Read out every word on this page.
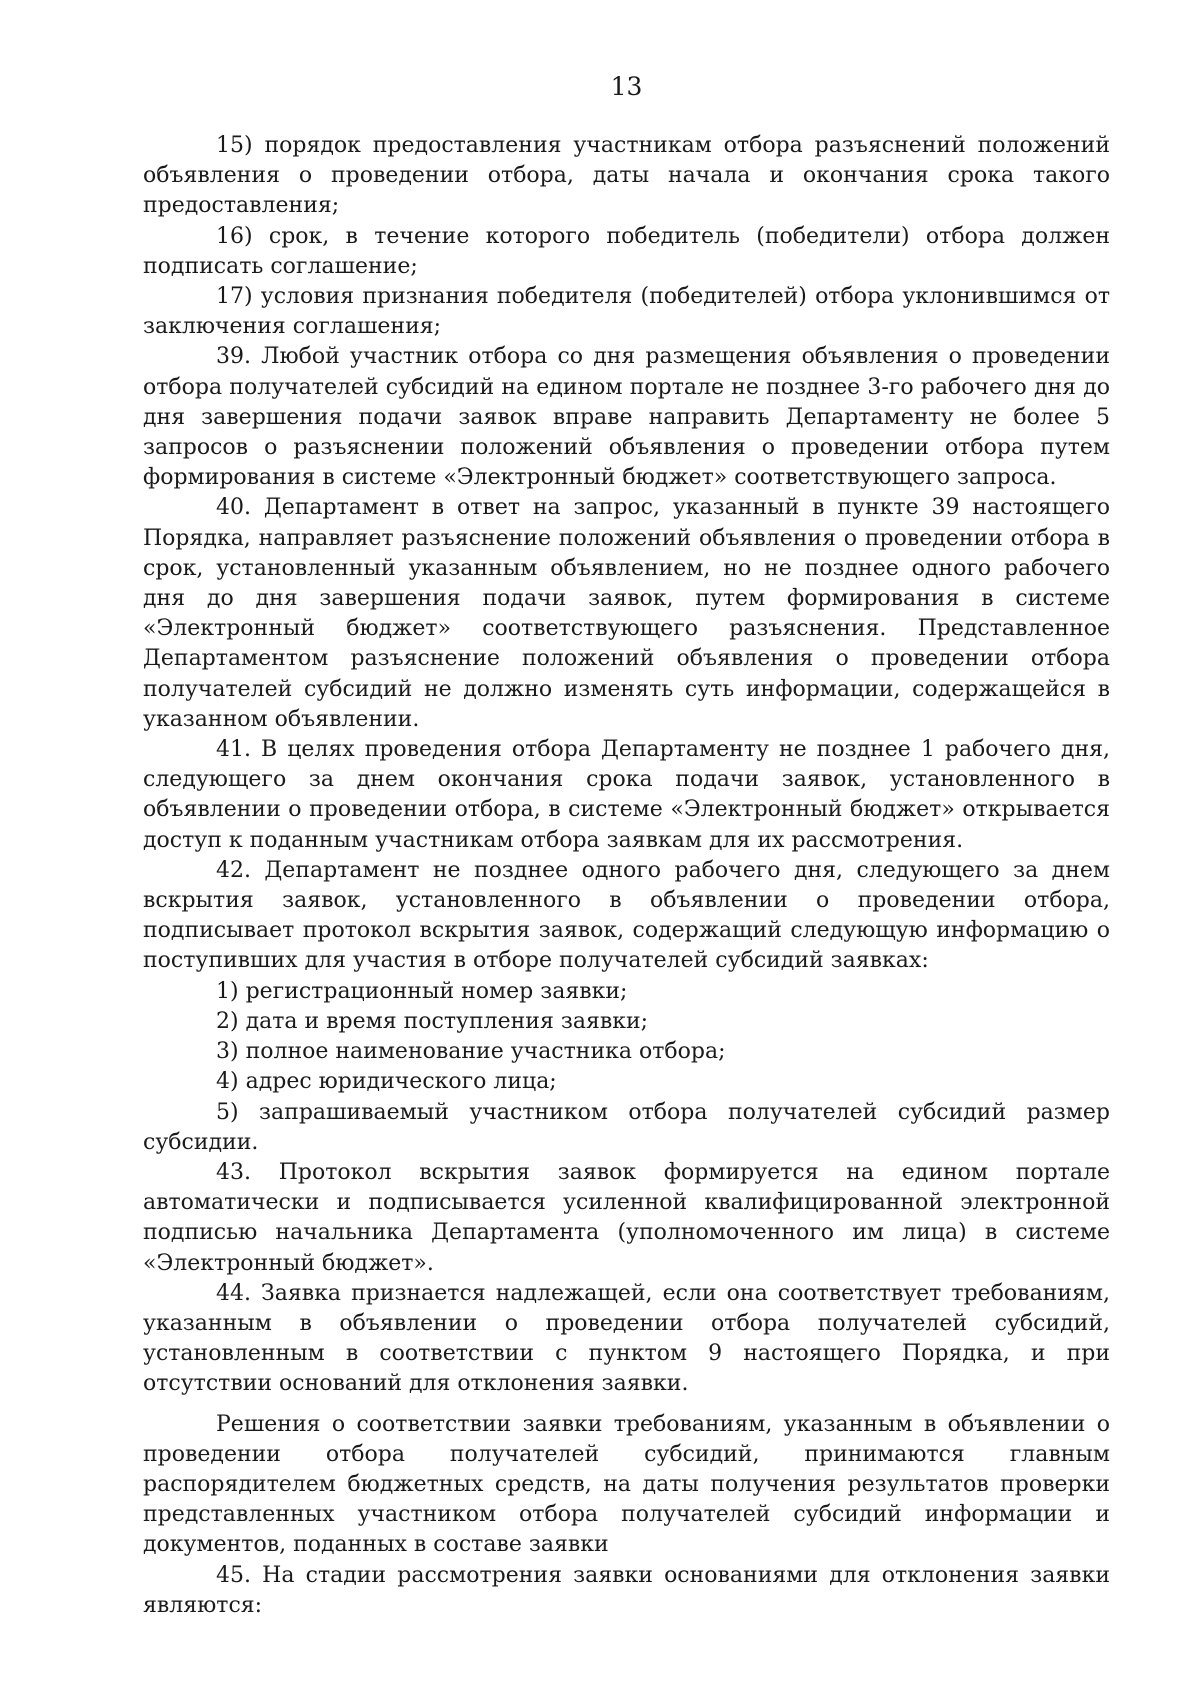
13

15) порядок предоставления участникам отбора разъяснений положений объявления о проведении отбора, даты начала и окончания срока такого предоставления;

16) срок, в течение которого победитель (победители) отбора должен подписать соглашение;

17) условия признания победителя (победителей) отбора уклонившимся от заключения соглашения;

39. Любой участник отбора со дня размещения объявления о проведении отбора получателей субсидий на едином портале не позднее 3-го рабочего дня до дня завершения подачи заявок вправе направить Департаменту не более 5 запросов о разъяснении положений объявления о проведении отбора путем формирования в системе «Электронный бюджет» соответствующего запроса.

40. Департамент в ответ на запрос, указанный в пункте 39 настоящего Порядка, направляет разъяснение положений объявления о проведении отбора в срок, установленный указанным объявлением, но не позднее одного рабочего дня до дня завершения подачи заявок, путем формирования в системе «Электронный бюджет» соответствующего разъяснения. Представленное Департаментом разъяснение положений объявления о проведении отбора получателей субсидий не должно изменять суть информации, содержащейся в указанном объявлении.

41. В целях проведения отбора Департаменту не позднее 1 рабочего дня, следующего за днем окончания срока подачи заявок, установленного в объявлении о проведении отбора, в системе «Электронный бюджет» открывается доступ к поданным участникам отбора заявкам для их рассмотрения.

42. Департамент не позднее одного рабочего дня, следующего за днем вскрытия заявок, установленного в объявлении о проведении отбора, подписывает протокол вскрытия заявок, содержащий следующую информацию о поступивших для участия в отборе получателей субсидий заявках:

1) регистрационный номер заявки;

2) дата и время поступления заявки;

3) полное наименование участника отбора;

4) адрес юридического лица;

5) запрашиваемый участником отбора получателей субсидий размер субсидии.

43. Протокол вскрытия заявок формируется на едином портале автоматически и подписывается усиленной квалифицированной электронной подписью начальника Департамента (уполномоченного им лица) в системе «Электронный бюджет».

44. Заявка признается надлежащей, если она соответствует требованиям, указанным в объявлении о проведении отбора получателей субсидий, установленным в соответствии с пунктом 9 настоящего Порядка, и при отсутствии оснований для отклонения заявки.

Решения о соответствии заявки требованиям, указанным в объявлении о проведении отбора получателей субсидий, принимаются главным распорядителем бюджетных средств, на даты получения результатов проверки представленных участником отбора получателей субсидий информации и документов, поданных в составе заявки

45. На стадии рассмотрения заявки основаниями для отклонения заявки являются:
